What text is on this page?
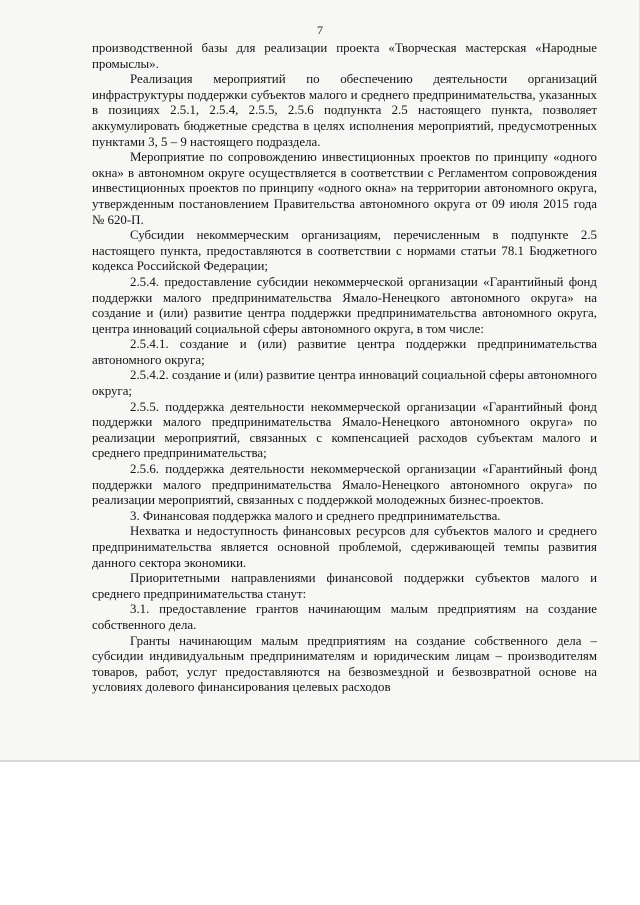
7

производственной базы для реализации проекта «Творческая мастерская «Народные промыслы».

Реализация мероприятий по обеспечению деятельности организаций инфраструктуры поддержки субъектов малого и среднего предпринимательства, указанных в позициях 2.5.1, 2.5.4, 2.5.5, 2.5.6 подпункта 2.5 настоящего пункта, позволяет аккумулировать бюджетные средства в целях исполнения мероприятий, предусмотренных пунктами 3, 5 – 9 настоящего подраздела.

Мероприятие по сопровождению инвестиционных проектов по принципу «одного окна» в автономном округе осуществляется в соответствии с Регламентом сопровождения инвестиционных проектов по принципу «одного окна» на территории автономного округа, утвержденным постановлением Правительства автономного округа от 09 июля 2015 года № 620-П.

Субсидии некоммерческим организациям, перечисленным в подпункте 2.5 настоящего пункта, предоставляются в соответствии с нормами статьи 78.1 Бюджетного кодекса Российской Федерации;

2.5.4. предоставление субсидии некоммерческой организации «Гарантийный фонд поддержки малого предпринимательства Ямало-Ненецкого автономного округа» на создание и (или) развитие центра поддержки предпринимательства автономного округа, центра инноваций социальной сферы автономного округа, в том числе:

2.5.4.1. создание и (или) развитие центра поддержки предпринимательства автономного округа;

2.5.4.2. создание и (или) развитие центра инноваций социальной сферы автономного округа;

2.5.5. поддержка деятельности некоммерческой организации «Гарантийный фонд поддержки малого предпринимательства Ямало-Ненецкого автономного округа» по реализации мероприятий, связанных с компенсацией расходов субъектам малого и среднего предпринимательства;

2.5.6. поддержка деятельности некоммерческой организации «Гарантийный фонд поддержки малого предпринимательства Ямало-Ненецкого автономного округа» по реализации мероприятий, связанных с поддержкой молодежных бизнес-проектов.

3. Финансовая поддержка малого и среднего предпринимательства.

Нехватка и недоступность финансовых ресурсов для субъектов малого и среднего предпринимательства является основной проблемой, сдерживающей темпы развития данного сектора экономики.

Приоритетными направлениями финансовой поддержки субъектов малого и среднего предпринимательства станут:

3.1. предоставление грантов начинающим малым предприятиям на создание собственного дела.

Гранты начинающим малым предприятиям на создание собственного дела – субсидии индивидуальным предпринимателям и юридическим лицам – производителям товаров, работ, услуг предоставляются на безвозмездной и безвозвратной основе на условиях долевого финансирования целевых расходов
